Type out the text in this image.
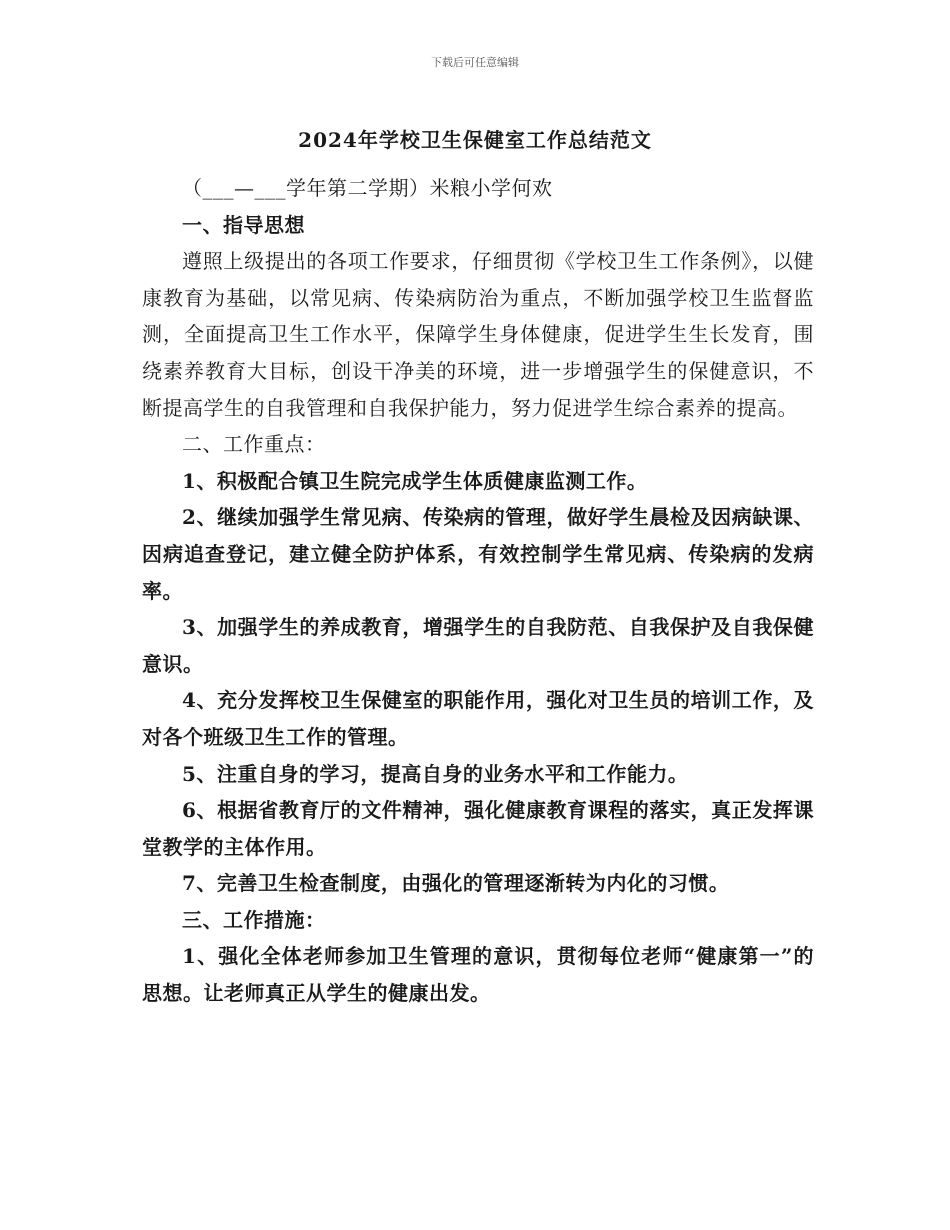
下载后可任意编辑
2024年学校卫生保健室工作总结范文

（___—___学年第二学期）米粮小学何欢

一、指导思想

遵照上级提出的各项工作要求，仔细贯彻《学校卫生工作条例》，以健康教育为基础，以常见病、传染病防治为重点，不断加强学校卫生监督监测，全面提高卫生工作水平，保障学生身体健康，促进学生生长发育，围绕素养教育大目标，创设干净美的环境，进一步增强学生的保健意识，不断提高学生的自我管理和自我保护能力，努力促进学生综合素养的提高。

二、工作重点：

1、积极配合镇卫生院完成学生体质健康监测工作。

2、继续加强学生常见病、传染病的管理，做好学生晨检及因病缺课、因病追查登记，建立健全防护体系，有效控制学生常见病、传染病的发病率。

3、加强学生的养成教育，增强学生的自我防范、自我保护及自我保健意识。

4、充分发挥校卫生保健室的职能作用，强化对卫生员的培训工作，及对各个班级卫生工作的管理。

5、注重自身的学习，提高自身的业务水平和工作能力。

6、根据省教育厅的文件精神，强化健康教育课程的落实，真正发挥课堂教学的主体作用。

7、完善卫生检查制度，由强化的管理逐渐转为内化的习惯。

三、工作措施：

1、强化全体老师参加卫生管理的意识，贯彻每位老师“健康第一”的思想。让老师真正从学生的健康出发。
